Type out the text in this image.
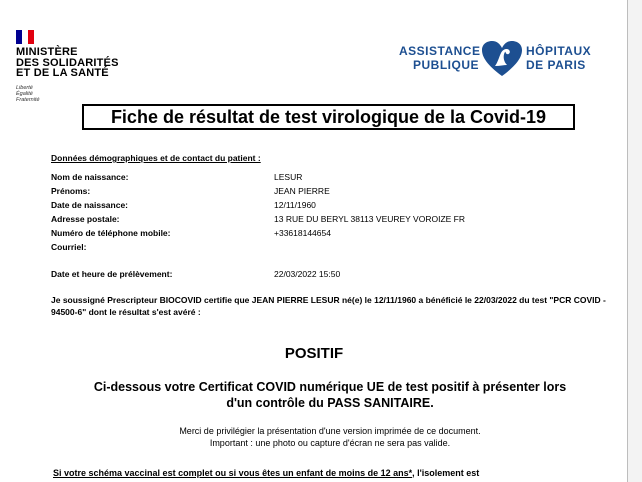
MINISTÈRE
DES SOLIDARITÉS
ET DE LA SANTÉ
Liberté
Égalité
Fraternité
ASSISTANCE
PUBLIQUE
HÔPITAUX
DE PARIS
Fiche de résultat de test virologique de la Covid-19
Données démographiques et de contact du patient :
Nom de naissance:	LESUR
Prénoms:	JEAN PIERRE
Date de naissance:	12/11/1960
Adresse postale:	13 RUE DU BERYL 38113 VEUREY VOROIZE FR
Numéro de téléphone mobile:	+33618144654
Courriel:
Date et heure de prélèvement:	22/03/2022 15:50
Je soussigné Prescripteur BIOCOVID certifie que JEAN PIERRE LESUR né(e) le 12/11/1960 a bénéficié le 22/03/2022 du test "PCR COVID - 94500-6" dont le résultat s'est avéré :
POSITIF
Ci-dessous votre Certificat COVID numérique UE de test positif à présenter lors
d'un contrôle du PASS SANITAIRE.
Merci de privilégier la présentation d'une version imprimée de ce document.
Important : une photo ou capture d'écran ne sera pas valide.
Si votre schéma vaccinal est complet ou si vous êtes un enfant de moins de 12 ans*, l'isolement est
